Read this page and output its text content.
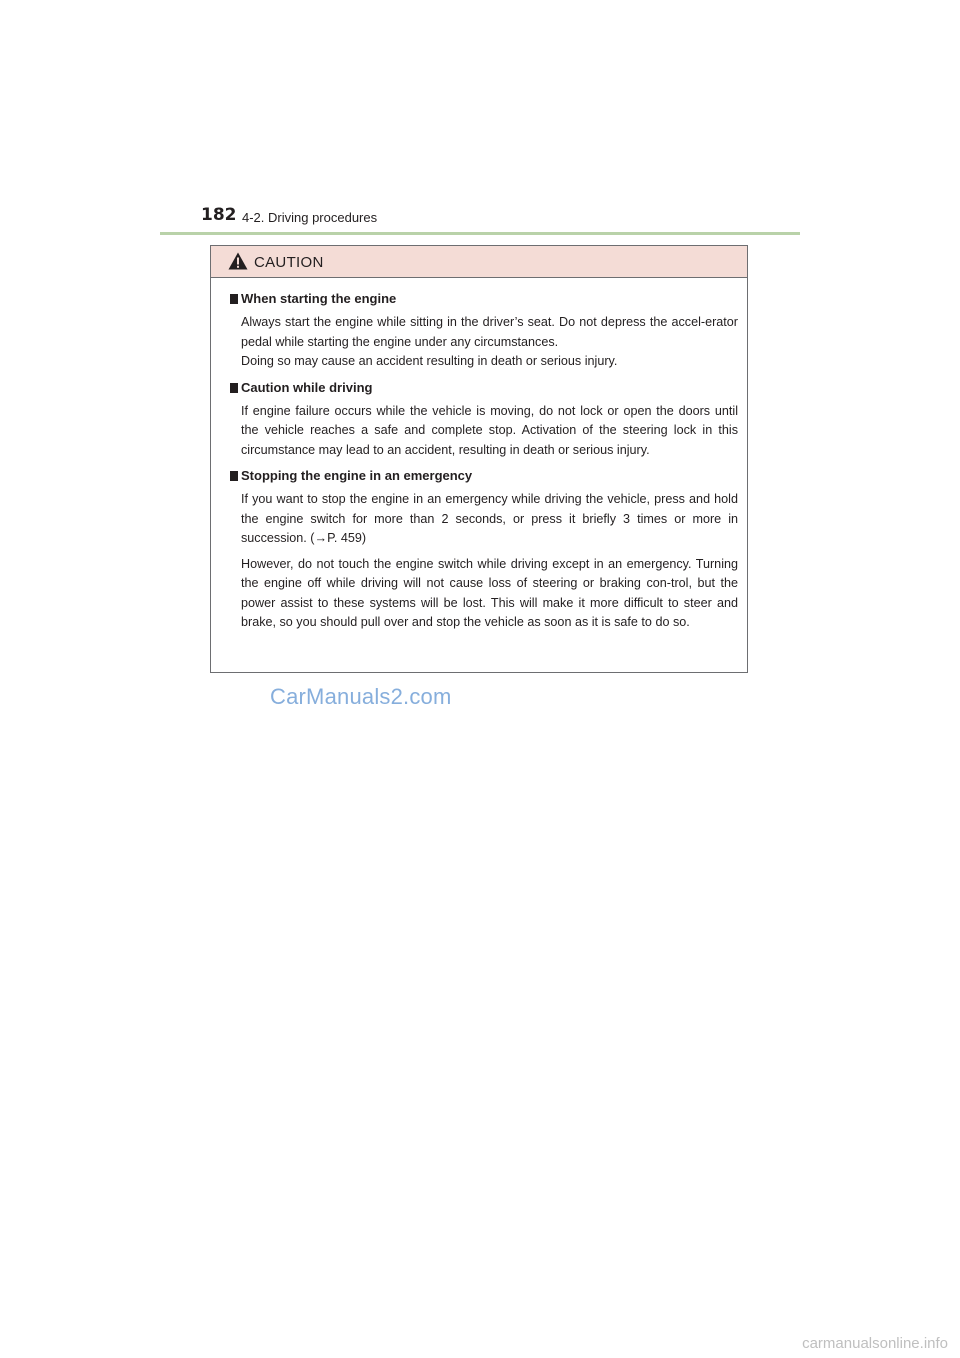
182 4-2. Driving procedures
CAUTION
When starting the engine

Always start the engine while sitting in the driver’s seat. Do not depress the accel-erator pedal while starting the engine under any circumstances.

Doing so may cause an accident resulting in death or serious injury.

Caution while driving

If engine failure occurs while the vehicle is moving, do not lock or open the doors until the vehicle reaches a safe and complete stop. Activation of the steering lock in this circumstance may lead to an accident, resulting in death or serious injury.

Stopping the engine in an emergency

If you want to stop the engine in an emergency while driving the vehicle, press and hold the engine switch for more than 2 seconds, or press it briefly 3 times or more in succession. (→P. 459)

However, do not touch the engine switch while driving except in an emergency. Turning the engine off while driving will not cause loss of steering or braking con-trol, but the power assist to these systems will be lost. This will make it more difficult to steer and brake, so you should pull over and stop the vehicle as soon as it is safe to do so.

CarManuals2.com
carmanualsonline.info
